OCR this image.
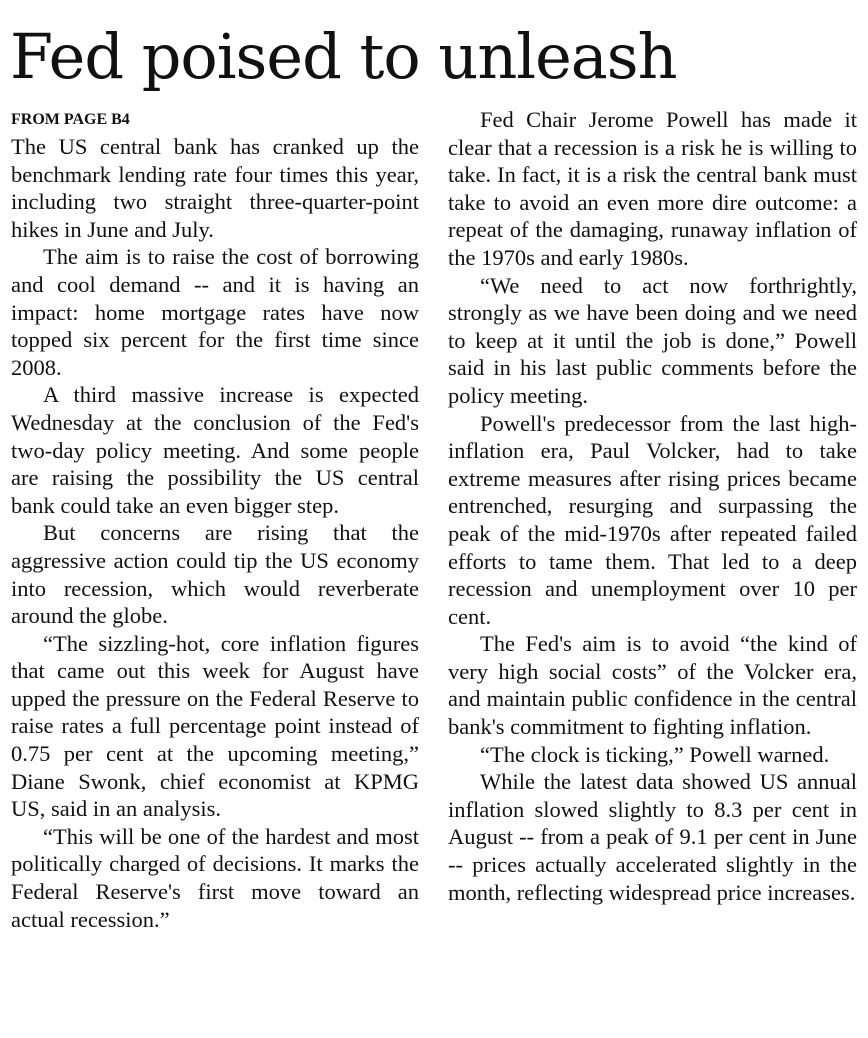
Fed poised to unleash
FROM PAGE B4

The US central bank has cranked up the benchmark lending rate four times this year, including two straight three-quarter-point hikes in June and July.

The aim is to raise the cost of borrowing and cool demand -- and it is having an impact: home mortgage rates have now topped six percent for the first time since 2008.

A third massive increase is expected Wednesday at the conclusion of the Fed's two-day policy meeting. And some people are raising the possibility the US central bank could take an even bigger step.

But concerns are rising that the aggressive action could tip the US economy into recession, which would reverberate around the globe.

“The sizzling-hot, core inflation figures that came out this week for August have upped the pressure on the Federal Reserve to raise rates a full percentage point instead of 0.75 per cent at the upcoming meeting,” Diane Swonk, chief economist at KPMG US, said in an analysis.

“This will be one of the hardest and most politically charged of decisions. It marks the Federal Reserve's first move toward an actual recession.”

Fed Chair Jerome Powell has made it clear that a recession is a risk he is willing to take. In fact, it is a risk the central bank must take to avoid an even more dire outcome: a repeat of the damaging, runaway inflation of the 1970s and early 1980s.

“We need to act now forthrightly, strongly as we have been doing and we need to keep at it until the job is done,” Powell said in his last public comments before the policy meeting.

Powell's predecessor from the last high-inflation era, Paul Volcker, had to take extreme measures after rising prices became entrenched, resurging and surpassing the peak of the mid-1970s after repeated failed efforts to tame them. That led to a deep recession and unemployment over 10 per cent.

The Fed's aim is to avoid “the kind of very high social costs” of the Volcker era, and maintain public confidence in the central bank's commitment to fighting inflation.

“The clock is ticking,” Powell warned.

While the latest data showed US annual inflation slowed slightly to 8.3 per cent in August -- from a peak of 9.1 per cent in June -- prices actually accelerated slightly in the month, reflecting widespread price increases.
